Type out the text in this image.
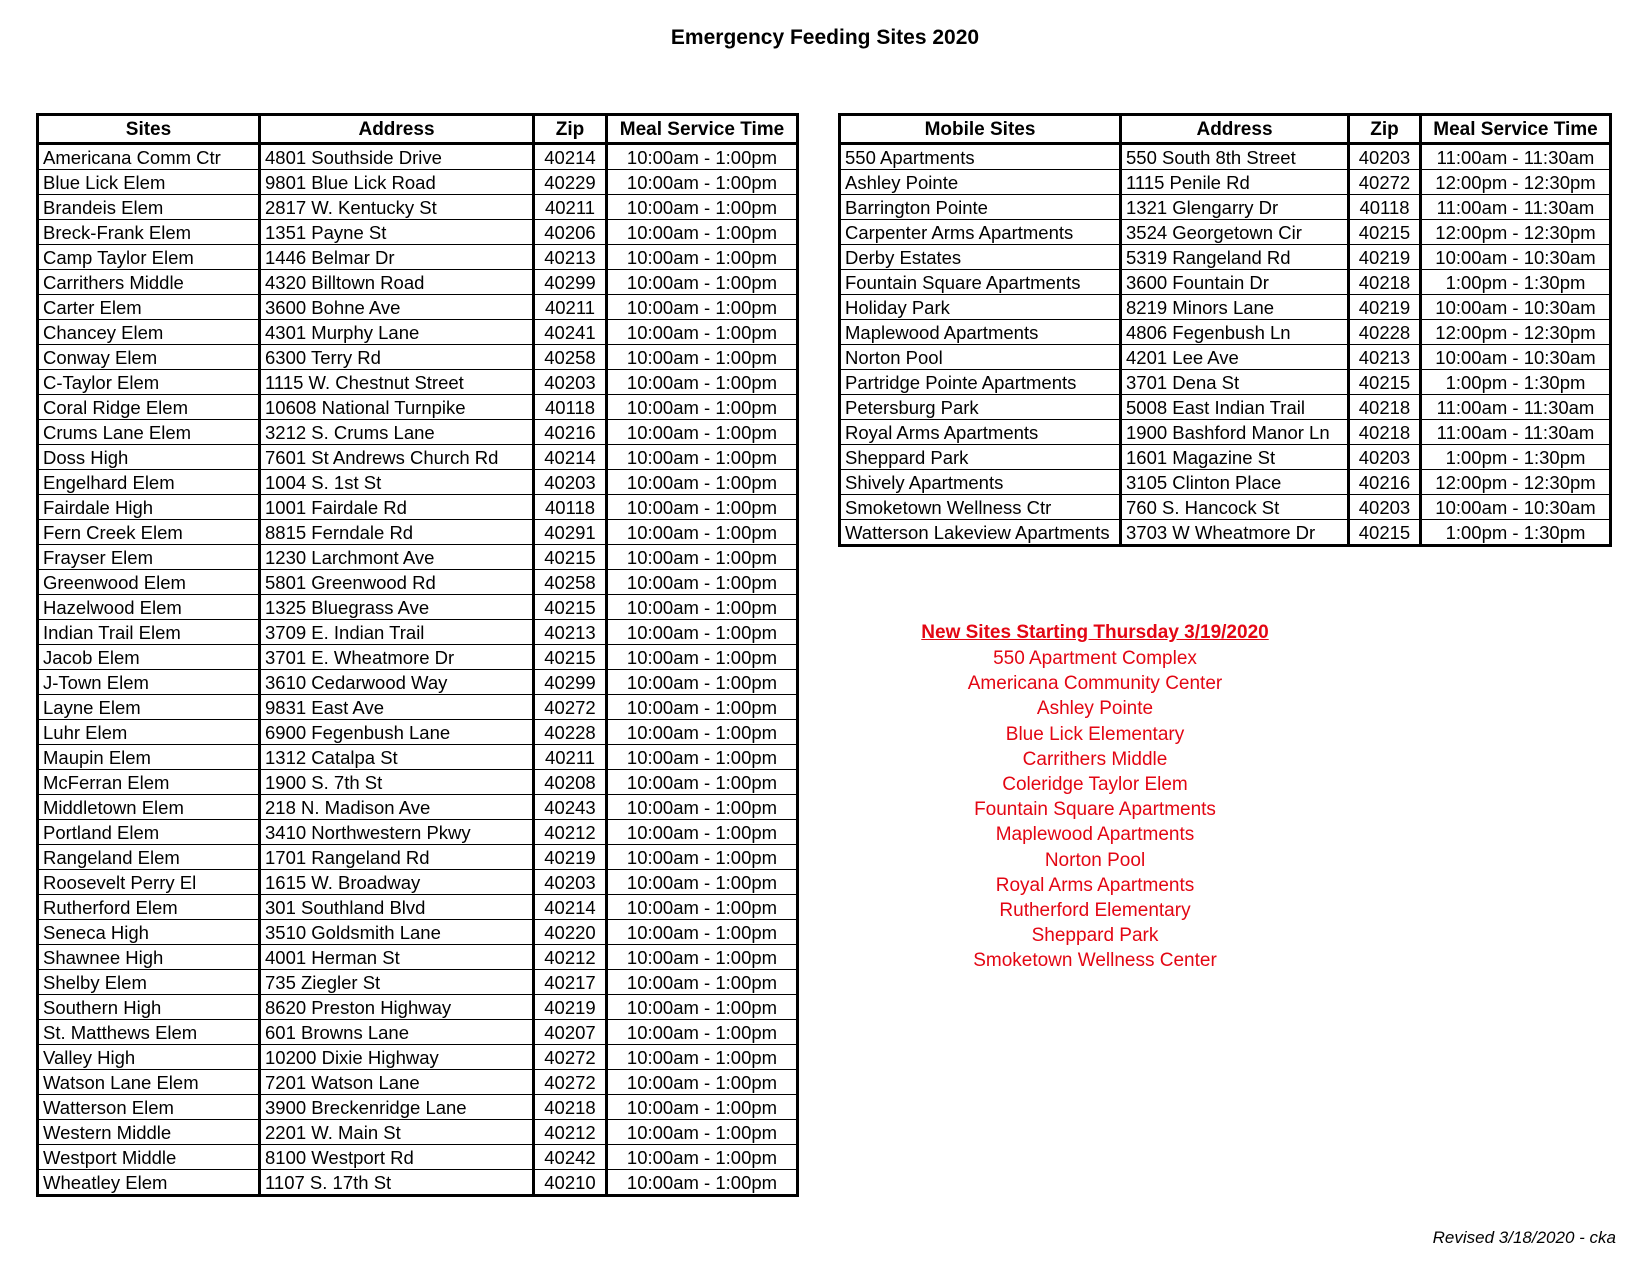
Emergency Feeding Sites 2020
Sites	Address	Zip	Meal Service Time
Americana Comm Ctr	4801 Southside Drive	40214	10:00am - 1:00pm
Blue Lick Elem	9801 Blue Lick Road	40229	10:00am - 1:00pm
Brandeis Elem	2817 W. Kentucky St	40211	10:00am - 1:00pm
Breck-Frank Elem	1351 Payne St	40206	10:00am - 1:00pm
Camp Taylor Elem	1446 Belmar Dr	40213	10:00am - 1:00pm
Carrithers Middle	4320 Billtown Road	40299	10:00am - 1:00pm
Carter Elem	3600 Bohne Ave	40211	10:00am - 1:00pm
Chancey Elem	4301 Murphy Lane	40241	10:00am - 1:00pm
Conway Elem	6300 Terry Rd	40258	10:00am - 1:00pm
C-Taylor Elem	1115 W. Chestnut Street	40203	10:00am - 1:00pm
Coral Ridge Elem	10608 National Turnpike	40118	10:00am - 1:00pm
Crums Lane Elem	3212 S. Crums Lane	40216	10:00am - 1:00pm
Doss High	7601 St Andrews Church Rd	40214	10:00am - 1:00pm
Engelhard Elem	1004 S. 1st St	40203	10:00am - 1:00pm
Fairdale High	1001 Fairdale Rd	40118	10:00am - 1:00pm
Fern Creek Elem	8815 Ferndale Rd	40291	10:00am - 1:00pm
Frayser Elem	1230 Larchmont Ave	40215	10:00am - 1:00pm
Greenwood Elem	5801 Greenwood Rd	40258	10:00am - 1:00pm
Hazelwood Elem	1325 Bluegrass Ave	40215	10:00am - 1:00pm
Indian Trail Elem	3709 E. Indian Trail	40213	10:00am - 1:00pm
Jacob Elem	3701 E. Wheatmore Dr	40215	10:00am - 1:00pm
J-Town Elem	3610 Cedarwood Way	40299	10:00am - 1:00pm
Layne Elem	9831 East Ave	40272	10:00am - 1:00pm
Luhr Elem	6900 Fegenbush Lane	40228	10:00am - 1:00pm
Maupin Elem	1312 Catalpa St	40211	10:00am - 1:00pm
McFerran Elem	1900 S. 7th St	40208	10:00am - 1:00pm
Middletown Elem	218 N. Madison Ave	40243	10:00am - 1:00pm
Portland Elem	3410 Northwestern Pkwy	40212	10:00am - 1:00pm
Rangeland Elem	1701 Rangeland Rd	40219	10:00am - 1:00pm
Roosevelt Perry El	1615 W. Broadway	40203	10:00am - 1:00pm
Rutherford Elem	301 Southland Blvd	40214	10:00am - 1:00pm
Seneca High	3510 Goldsmith Lane	40220	10:00am - 1:00pm
Shawnee High	4001 Herman St	40212	10:00am - 1:00pm
Shelby Elem	735 Ziegler St	40217	10:00am - 1:00pm
Southern High	8620 Preston Highway	40219	10:00am - 1:00pm
St. Matthews Elem	601 Browns Lane	40207	10:00am - 1:00pm
Valley High	10200 Dixie Highway	40272	10:00am - 1:00pm
Watson Lane Elem	7201 Watson Lane	40272	10:00am - 1:00pm
Watterson Elem	3900 Breckenridge Lane	40218	10:00am - 1:00pm
Western Middle	2201 W. Main St	40212	10:00am - 1:00pm
Westport Middle	8100 Westport Rd	40242	10:00am - 1:00pm
Wheatley Elem	1107 S. 17th St	40210	10:00am - 1:00pm
Mobile Sites	Address	Zip	Meal Service Time
550 Apartments	550 South 8th Street	40203	11:00am - 11:30am
Ashley Pointe	1115 Penile Rd	40272	12:00pm - 12:30pm
Barrington Pointe	1321 Glengarry Dr	40118	11:00am - 11:30am
Carpenter Arms Apartments	3524 Georgetown Cir	40215	12:00pm - 12:30pm
Derby Estates	5319 Rangeland Rd	40219	10:00am - 10:30am
Fountain Square Apartments	3600 Fountain Dr	40218	1:00pm - 1:30pm
Holiday Park	8219 Minors Lane	40219	10:00am - 10:30am
Maplewood Apartments	4806 Fegenbush Ln	40228	12:00pm - 12:30pm
Norton Pool	4201 Lee Ave	40213	10:00am - 10:30am
Partridge Pointe Apartments	3701 Dena St	40215	1:00pm - 1:30pm
Petersburg Park	5008 East Indian Trail	40218	11:00am - 11:30am
Royal Arms Apartments	1900 Bashford Manor Ln	40218	11:00am - 11:30am
Sheppard Park	1601 Magazine St	40203	1:00pm - 1:30pm
Shively Apartments	3105 Clinton Place	40216	12:00pm - 12:30pm
Smoketown Wellness Ctr	760 S. Hancock St	40203	10:00am - 10:30am
Watterson Lakeview Apartments	3703 W Wheatmore Dr	40215	1:00pm - 1:30pm
New Sites Starting Thursday 3/19/2020
550 Apartment Complex
Americana Community Center
Ashley Pointe
Blue Lick Elementary
Carrithers Middle
Coleridge Taylor Elem
Fountain Square Apartments
Maplewood Apartments
Norton Pool
Royal Arms Apartments
Rutherford Elementary
Sheppard Park
Smoketown Wellness Center
Revised 3/18/2020 - cka
